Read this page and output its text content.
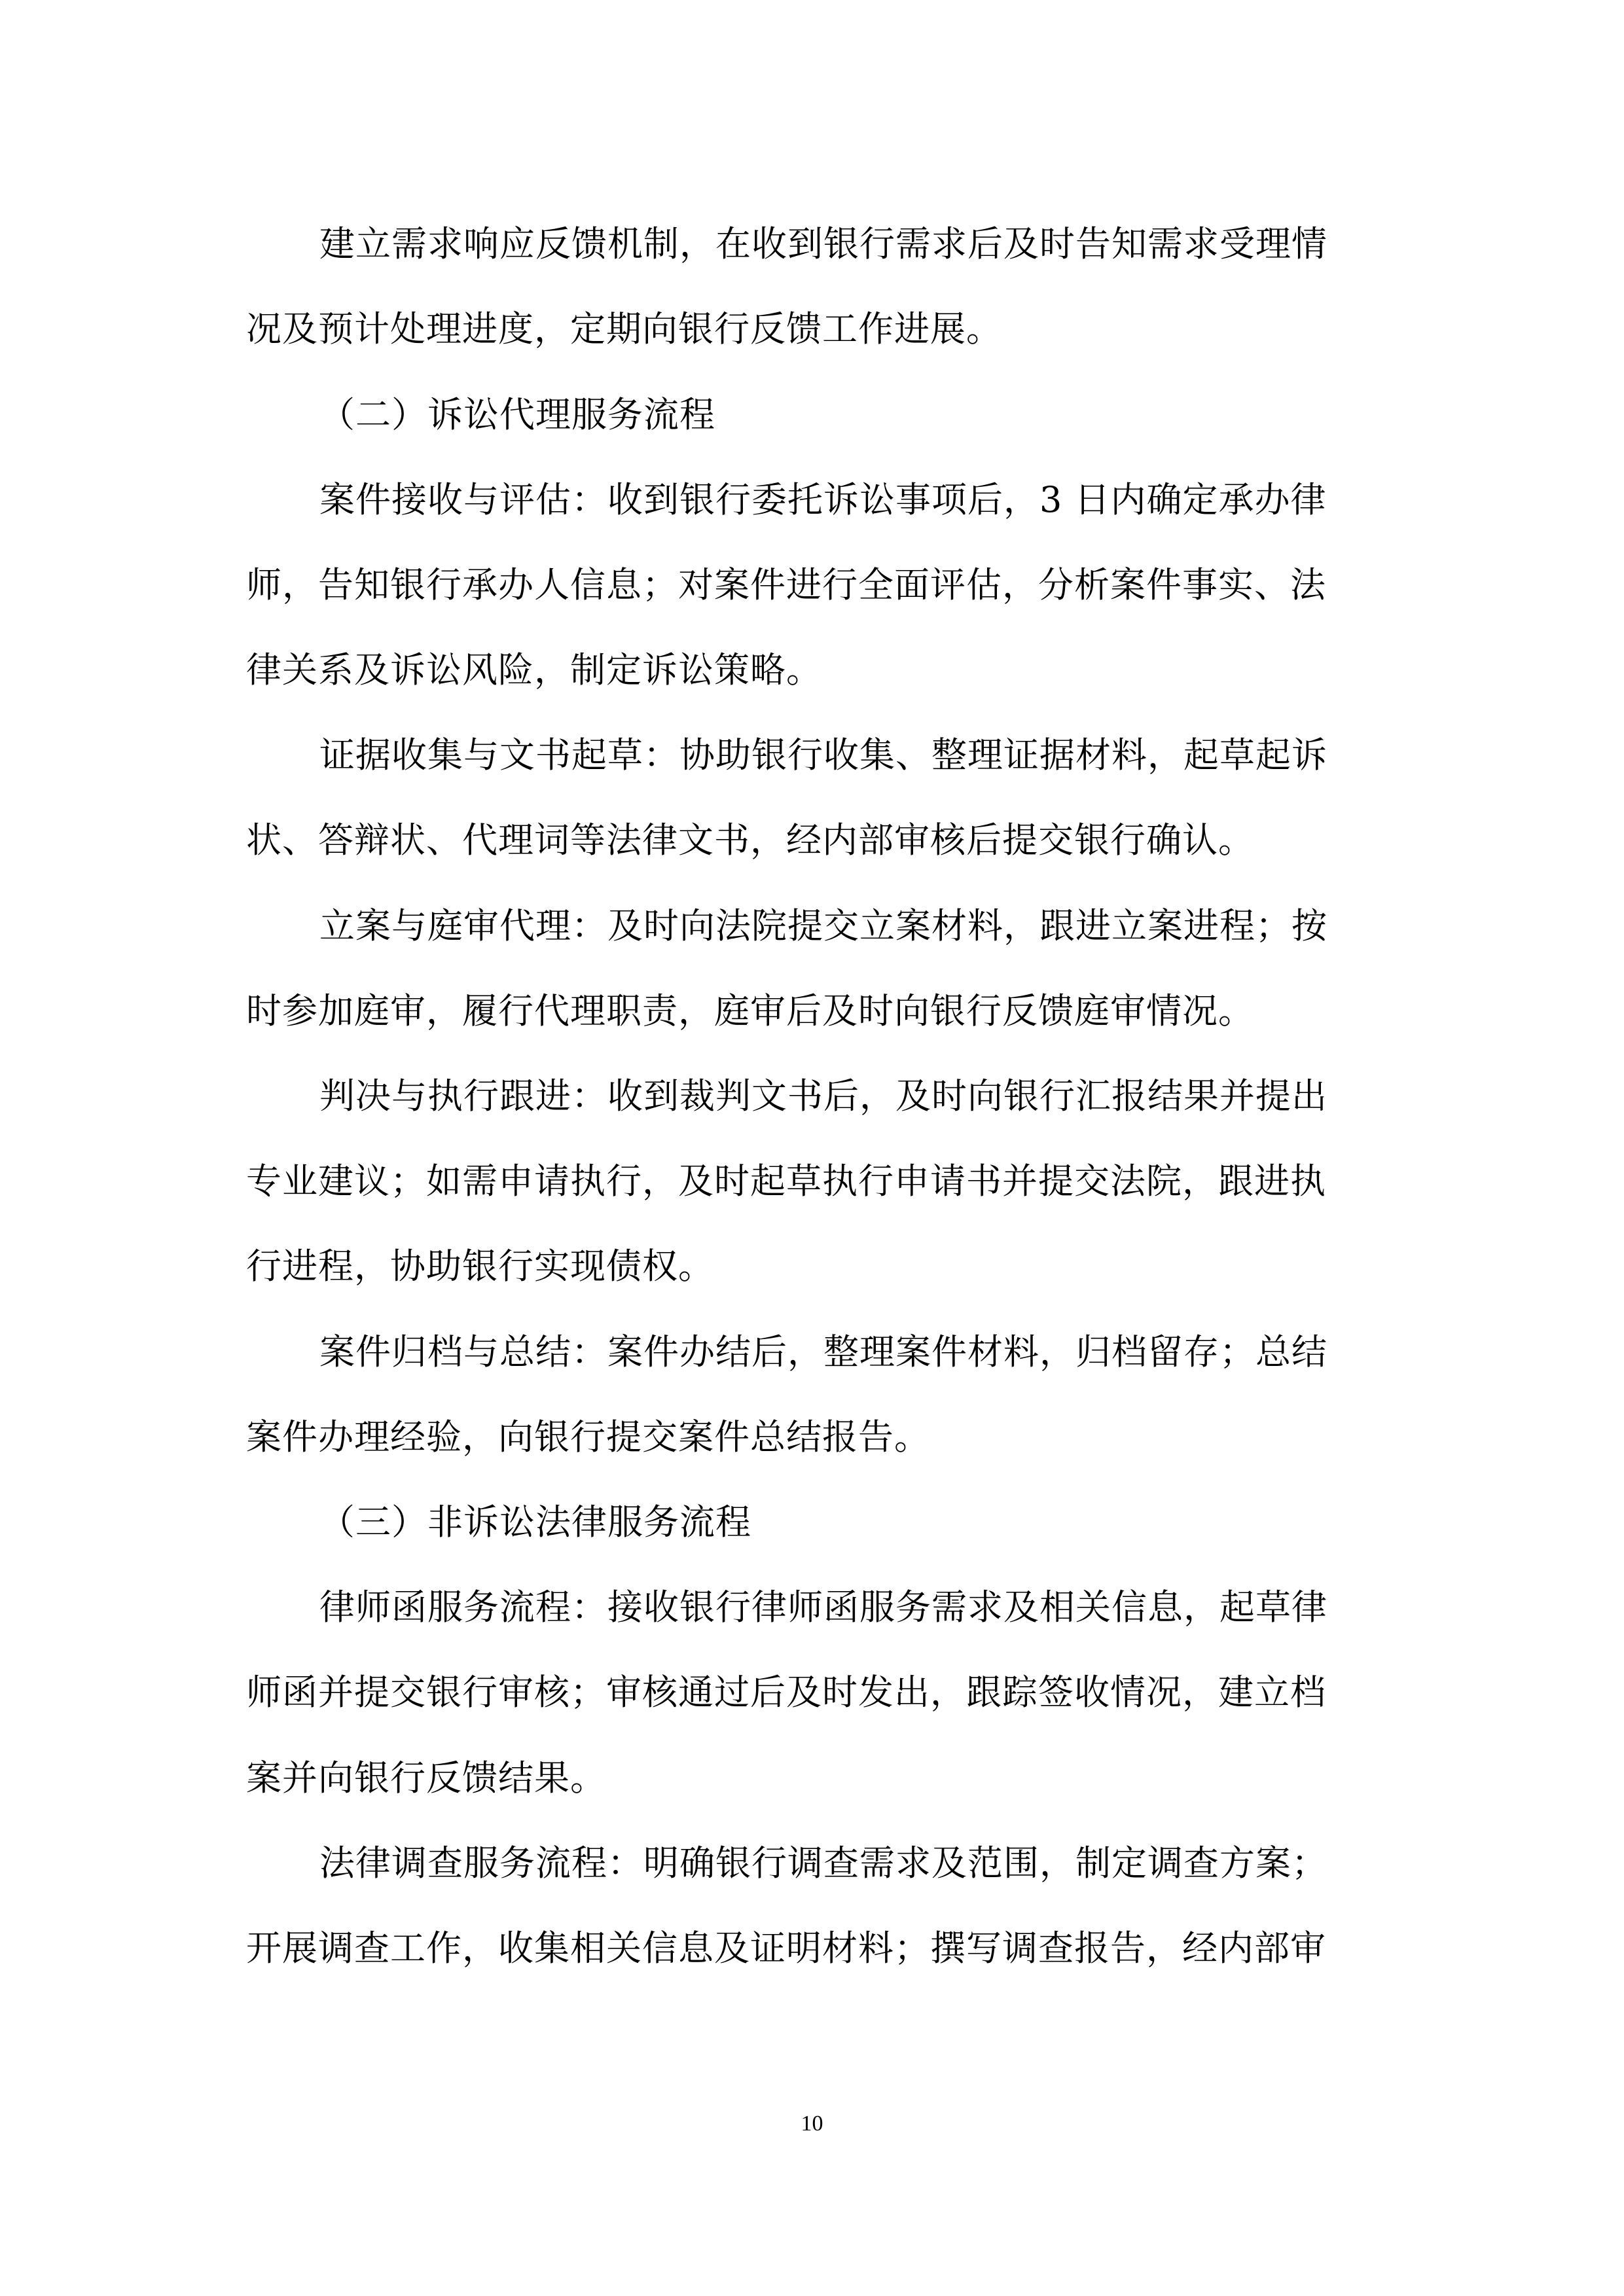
建立需求响应反馈机制，在收到银行需求后及时告知需求受理情
况及预计处理进度，定期向银行反馈工作进展。
（二）诉讼代理服务流程
案件接收与评估：收到银行委托诉讼事项后，3 日内确定承办律
师，告知银行承办人信息；对案件进行全面评估，分析案件事实、法
律关系及诉讼风险，制定诉讼策略。
证据收集与文书起草：协助银行收集、整理证据材料，起草起诉
状、答辩状、代理词等法律文书，经内部审核后提交银行确认。
立案与庭审代理：及时向法院提交立案材料，跟进立案进程；按
时参加庭审，履行代理职责，庭审后及时向银行反馈庭审情况。
判决与执行跟进：收到裁判文书后，及时向银行汇报结果并提出
专业建议；如需申请执行，及时起草执行申请书并提交法院，跟进执
行进程，协助银行实现债权。
案件归档与总结：案件办结后，整理案件材料，归档留存；总结
案件办理经验，向银行提交案件总结报告。
（三）非诉讼法律服务流程
律师函服务流程：接收银行律师函服务需求及相关信息，起草律
师函并提交银行审核；审核通过后及时发出，跟踪签收情况，建立档
案并向银行反馈结果。
法律调查服务流程：明确银行调查需求及范围，制定调查方案；
开展调查工作，收集相关信息及证明材料；撰写调查报告，经内部审
10
